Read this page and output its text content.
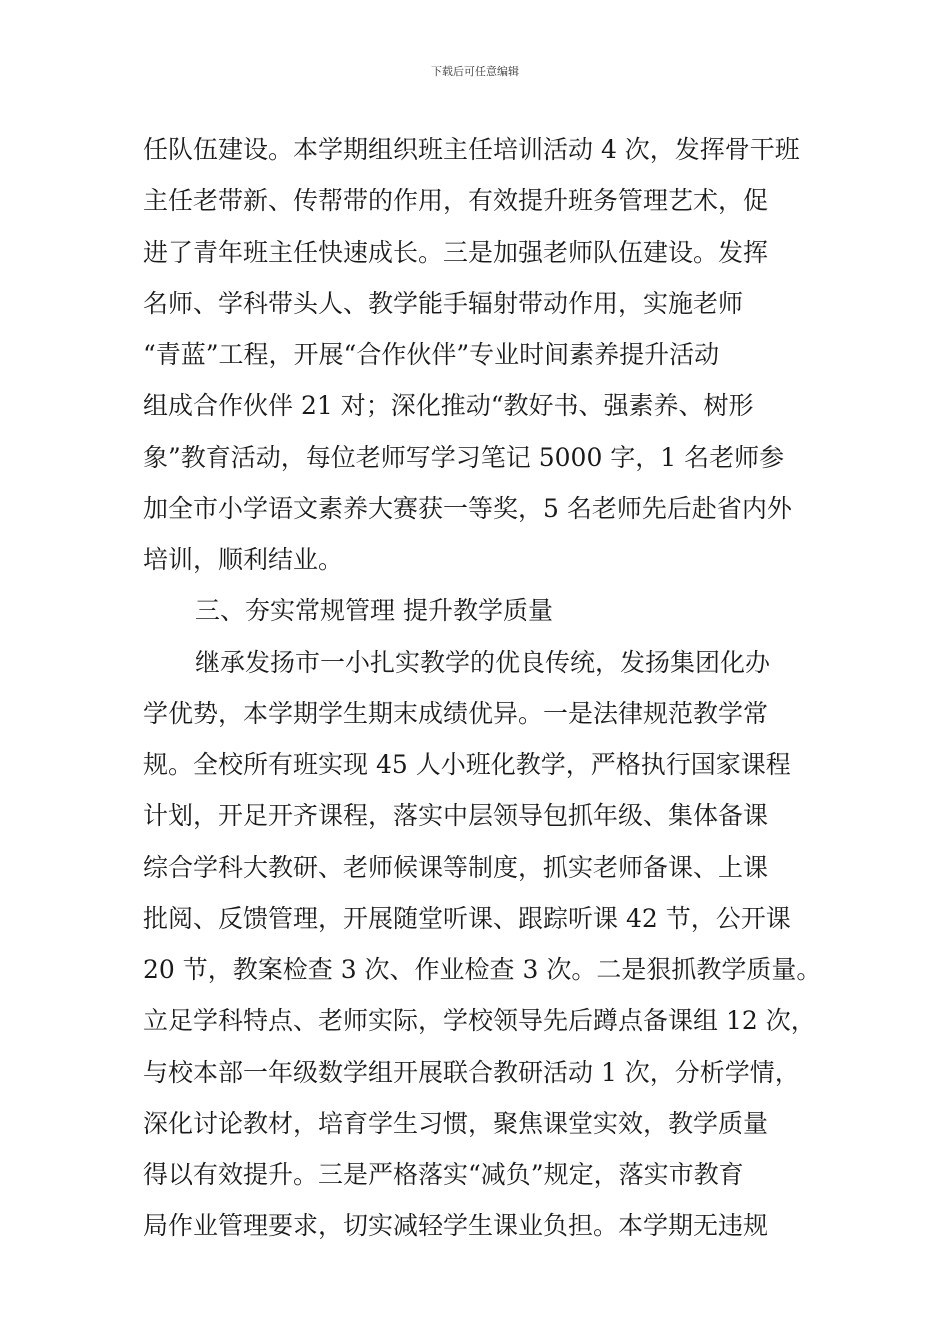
下载后可任意编辑
任队伍建设。本学期组织班主任培训活动 4 次，发挥骨干班
主任老带新、传帮带的作用，有效提升班务管理艺术，促
进了青年班主任快速成长。三是加强老师队伍建设。发挥
名师、学科带头人、教学能手辐射带动作用，实施老师
“青蓝”工程，开展“合作伙伴”专业时间素养提升活动
组成合作伙伴 21 对；深化推动“教好书、强素养、树形
象”教育活动，每位老师写学习笔记 5000 字，1 名老师参
加全市小学语文素养大赛获一等奖，5 名老师先后赴省内外
培训，顺利结业。
三、夯实常规管理 提升教学质量
继承发扬市一小扎实教学的优良传统，发扬集团化办
学优势，本学期学生期末成绩优异。一是法律规范教学常
规。全校所有班实现 45 人小班化教学，严格执行国家课程
计划，开足开齐课程，落实中层领导包抓年级、集体备课
综合学科大教研、老师候课等制度，抓实老师备课、上课
批阅、反馈管理，开展随堂听课、跟踪听课 42 节，公开课
20 节，教案检查 3 次、作业检查 3 次。二是狠抓教学质量。
立足学科特点、老师实际，学校领导先后蹲点备课组 12 次，
与校本部一年级数学组开展联合教研活动 1 次，分析学情，
深化讨论教材，培育学生习惯，聚焦课堂实效，教学质量
得以有效提升。三是严格落实“减负”规定，落实市教育
局作业管理要求，切实减轻学生课业负担。本学期无违规
